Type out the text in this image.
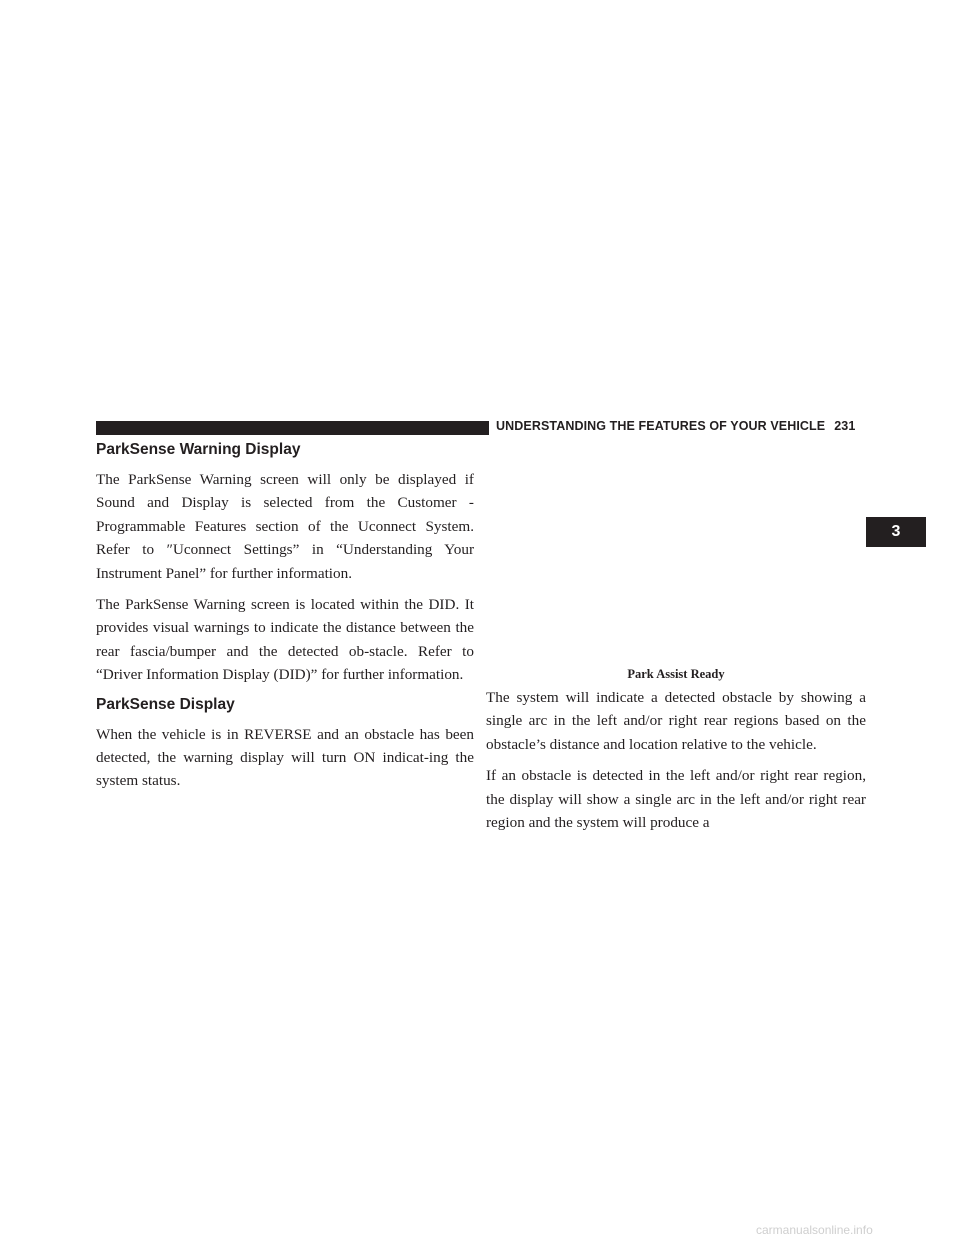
UNDERSTANDING THE FEATURES OF YOUR VEHICLE 231
3
ParkSense Warning Display

The ParkSense Warning screen will only be displayed if Sound and Display is selected from the Customer - Programmable Features section of the Uconnect System. Refer to ″Uconnect Settings” in “Understanding Your Instrument Panel” for further information.

The ParkSense Warning screen is located within the DID. It provides visual warnings to indicate the distance between the rear fascia/bumper and the detected ob-stacle. Refer to “Driver Information Display (DID)” for further information.

ParkSense Display

When the vehicle is in REVERSE and an obstacle has been detected, the warning display will turn ON indicat-ing the system status.

Park Assist Ready

The system will indicate a detected obstacle by showing a single arc in the left and/or right rear regions based on the obstacle’s distance and location relative to the vehicle.

If an obstacle is detected in the left and/or right rear region, the display will show a single arc in the left and/or right rear region and the system will produce a

carmanualsonline.info
